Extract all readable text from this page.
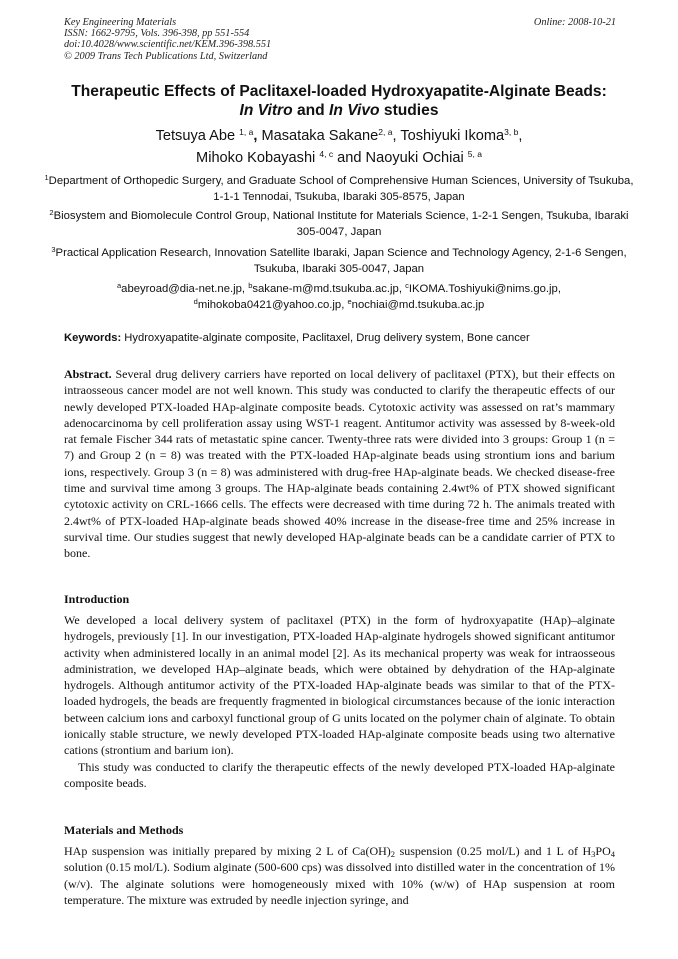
Key Engineering Materials
ISSN: 1662-9795, Vols. 396-398, pp 551-554
doi:10.4028/www.scientific.net/KEM.396-398.551
© 2009 Trans Tech Publications Ltd, Switzerland
Online: 2008-10-21
Therapeutic Effects of Paclitaxel-loaded Hydroxyapatite-Alginate Beads:
In Vitro and In Vivo studies
Tetsuya Abe $^{1, a}$, Masataka Sakane$^{2, a}$, Toshiyuki Ikoma$^{3, b}$,
Mihoko Kobayashi $^{4, c}$ and Naoyuki Ochiai $^{5, a}$
$^1$Department of Orthopedic Surgery, and Graduate School of Comprehensive Human Sciences, University of Tsukuba, 1-1-1 Tennodai, Tsukuba, Ibaraki 305-8575, Japan
$^2$Biosystem and Biomolecule Control Group, National Institute for Materials Science, 1-2-1 Sengen, Tsukuba, Ibaraki 305-0047, Japan
$^3$Practical Application Research, Innovation Satellite Ibaraki, Japan Science and Technology Agency, 2-1-6 Sengen, Tsukuba, Ibaraki 305-0047, Japan
$^a$abeyroad@dia-net.ne.jp, $^b$sakane-m@md.tsukuba.ac.jp, $^c$IKOMA.Toshiyuki@nims.go.jp,
$^d$mihokoba0421@yahoo.co.jp, $^e$nochiai@md.tsukuba.ac.jp
Keywords: Hydroxyapatite-alginate composite, Paclitaxel, Drug delivery system, Bone cancer

Abstract. Several drug delivery carriers have reported on local delivery of paclitaxel (PTX), but their effects on intraosseous cancer model are not well known. This study was conducted to clarify the therapeutic effects of our newly developed PTX-loaded HAp-alginate composite beads. Cytotoxic activity was assessed on rat’s mammary adenocarcinoma by cell proliferation assay using WST-1 reagent. Antitumor activity was assessed by 8-week-old rat female Fischer 344 rats of metastatic spine cancer. Twenty-three rats were divided into 3 groups: Group 1 (n = 7) and Group 2 (n = 8) was treated with the PTX-loaded HAp-alginate beads using strontium ions and barium ions, respectively. Group 3 (n = 8) was administered with drug-free HAp-alginate beads. We checked disease-free time and survival time among 3 groups. The HAp-alginate beads containing 2.4wt% of PTX showed significant cytotoxic activity on CRL-1666 cells. The effects were decreased with time during 72 h. The animals treated with 2.4wt% of PTX-loaded HAp-alginate beads showed 40% increase in the disease-free time and 25% increase in survival time. Our studies suggest that newly developed HAp-alginate beads can be a candidate carrier of PTX to bone.

Introduction

We developed a local delivery system of paclitaxel (PTX) in the form of hydroxyapatite (HAp)–alginate hydrogels, previously [1]. In our investigation, PTX-loaded HAp-alginate hydrogels showed significant antitumor activity when administered locally in an animal model [2]. As its mechanical property was weak for intraosseous administration, we developed HAp–alginate beads, which were obtained by dehydration of the HAp-alginate hydrogels. Although antitumor activity of the PTX-loaded HAp-alginate beads was similar to that of the PTX-loaded hydrogels, the beads are frequently fragmented in biological circumstances because of the ionic interaction between calcium ions and carboxyl functional group of G units located on the polymer chain of alginate. To obtain ionically stable structure, we newly developed PTX-loaded HAp-alginate composite beads using two alternative cations (strontium and barium ion).

This study was conducted to clarify the therapeutic effects of the newly developed PTX-loaded HAp-alginate composite beads.

Materials and Methods

HAp suspension was initially prepared by mixing 2 L of $Ca(OH)_2$ suspension (0.25 mol/L) and 1 L of $H_3PO_4$ solution (0.15 mol/L). Sodium alginate (500-600 cps) was dissolved into distilled water in the concentration of 1% (w/v). The alginate solutions were homogeneously mixed with 10% (w/w) of HAp suspension at room temperature. The mixture was extruded by needle injection syringe, and
